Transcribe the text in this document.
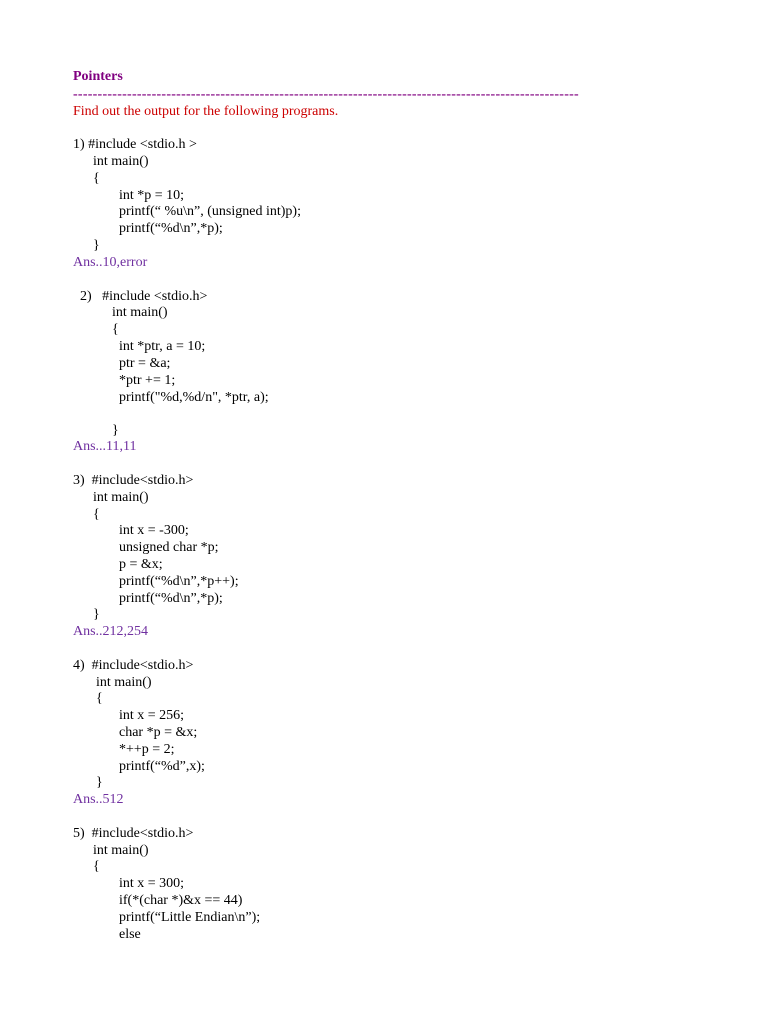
Pointers

-------------------------------------------------------------------------------------------------------

Find out the output for the following programs.

1) #include <stdio.h >

int main()

{

int *p = 10;

printf(“ %u\n”, (unsigned int)p);

printf(“%d\n”,*p);

}

Ans..10,error

2)   #include <stdio.h>

int main()

{

int *ptr, a = 10;

ptr = &a;

*ptr += 1;

printf("%d,%d/n", *ptr, a);

}

Ans...11,11

3)  #include<stdio.h>

int main()

{

int x = -300;

unsigned char *p;

p = &x;

printf(“%d\n”,*p++);

printf(“%d\n”,*p);

}

Ans..212,254

4)  #include<stdio.h>

int main()

{

int x = 256;

char *p = &x;

*++p = 2;

printf(“%d”,x);

}

Ans..512

5)  #include<stdio.h>

int main()

{

int x = 300;

if(*(char *)&x == 44)

printf(“Little Endian\n”);

else
